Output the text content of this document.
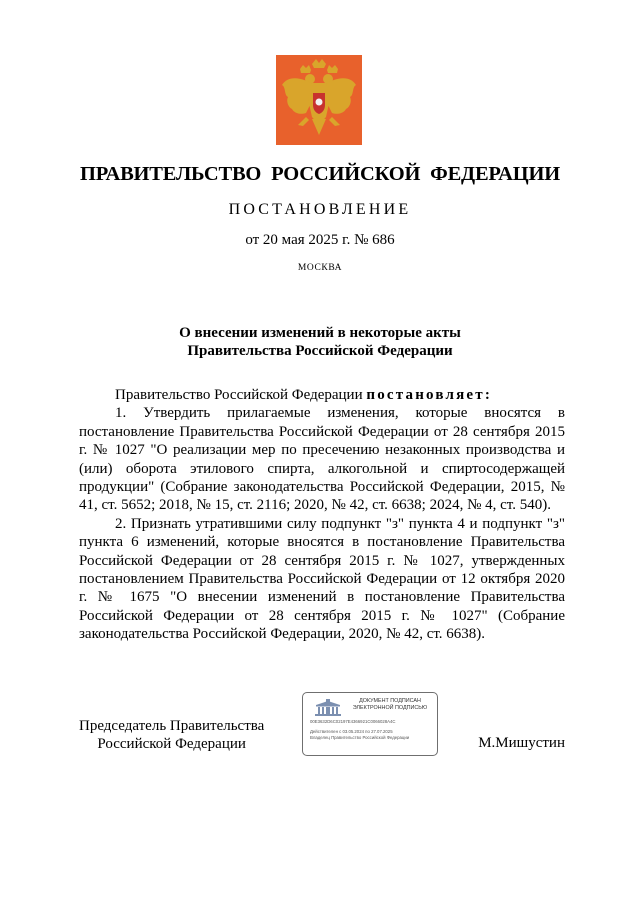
ПРАВИТЕЛЬСТВО РОССИЙСКОЙ ФЕДЕРАЦИИ
ПОСТАНОВЛЕНИЕ
от 20 мая 2025 г. № 686
МОСКВА
О внесении изменений в некоторые акты
Правительства Российской Федерации

Правительство Российской Федерации постановляет:

1. Утвердить прилагаемые изменения, которые вносятся в постановление Правительства Российской Федерации от 28 сентября 2015 г. № 1027 "О реализации мер по пресечению незаконных производства и (или) оборота этилового спирта, алкогольной и спиртосодержащей продукции" (Собрание законодательства Российской Федерации, 2015, № 41, ст. 5652; 2018, № 15, ст. 2116; 2020, № 42, ст. 6638; 2024, № 4, ст. 540).

2. Признать утратившими силу подпункт "з" пункта 4 и подпункт "з" пункта 6 изменений, которые вносятся в постановление Правительства Российской Федерации от 28 сентября 2015 г. № 1027, утвержденных постановлением Правительства Российской Федерации от 12 октября 2020 г. № 1675 "О внесении изменений в постановление Правительства Российской Федерации от 28 сентября 2015 г. № 1027" (Собрание законодательства Российской Федерации, 2020, № 42, ст. 6638).

Председатель Правительства
Российской Федерации
ДОКУМЕНТ ПОДПИСАН
ЭЛЕКТРОННОЙ ПОДПИСЬЮ
00E3632D6C02197E4366921C0066028A4C
Действителен с 03.05.2024 по 27.07.2025
Владелец Правительство Российской Федерации	М.Мишустин
